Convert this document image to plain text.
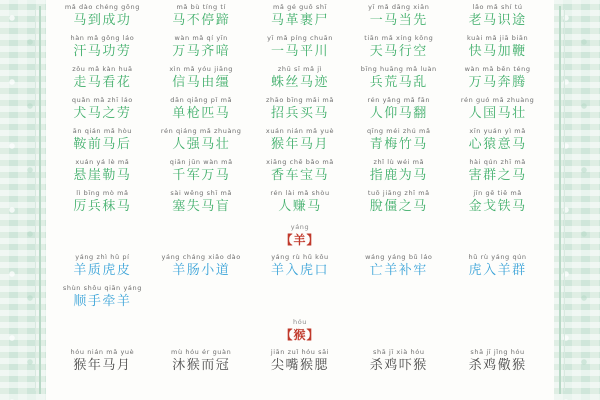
mǎ dào chéng gōng
马到成功
mǎ bù tíng tí
马不停蹄
mǎ gé guǒ shī
马革裹尸
yī mǎ dāng xiān
一马当先
lǎo mǎ shí tú
老马识途
hàn mǎ gōng láo
汗马功劳
wàn mǎ qí yīn
万马齐喑
yī mǎ píng chuān
一马平川
tiān mǎ xíng kōng
天马行空
kuài mǎ jiā biān
快马加鞭
zǒu mǎ kàn huā
走马看花
xìn mǎ yóu jiāng
信马由缰
zhū sī mǎ jì
蛛丝马迹
bīng huāng mǎ luàn
兵荒马乱
wàn mǎ bēn téng
万马奔腾
quǎn mǎ zhī láo
犬马之劳
dān qiāng pǐ mǎ
单枪匹马
zhāo bīng mǎi mǎ
招兵买马
rén yǎng mǎ fān
人仰马翻
rén guó mǎ zhuàng
人国马壮
ān qián mǎ hòu
鞍前马后
rén qiáng mǎ zhuàng
人强马壮
xuán nián mǎ yuè
猴年马月
qīng méi zhú mǎ
青梅竹马
xīn yuán yì mǎ
心猿意马
xuán yá lè mǎ
悬崖勒马
qiān jūn wàn mǎ
千军万马
xiāng chē bǎo mǎ
香车宝马
zhǐ lù wéi mǎ
指鹿为马
hài qún zhī mǎ
害群之马
lì bīng mò mǎ
厉兵秣马
sài wēng shī mǎ
塞失马盲
rén lài mǎ shòu
人赚马
tuō jiāng zhī mǎ
脫僵之马
jīn gē tiě mǎ
金戈铁马
yáng
【羊】
yáng zhì hǔ pí
羊质虎皮
yáng cháng xiǎo dào
羊肠小道
yáng rù hǔ kǒu
羊入虎口
wáng yáng bǔ láo
亡羊补牢
hǔ rù yáng qún
虎入羊群
shùn shǒu qiān yáng
顺手牵羊
hóu
【猴】
hóu nián mǎ yuè
猴年马月
mù hóu ér guàn
沐猴而冠
jiān zuǐ hóu sāi
尖嘴猴腮
shā jī xià hóu
杀鸡吓猴
shā jī jǐng hóu
杀鸡儆猴
